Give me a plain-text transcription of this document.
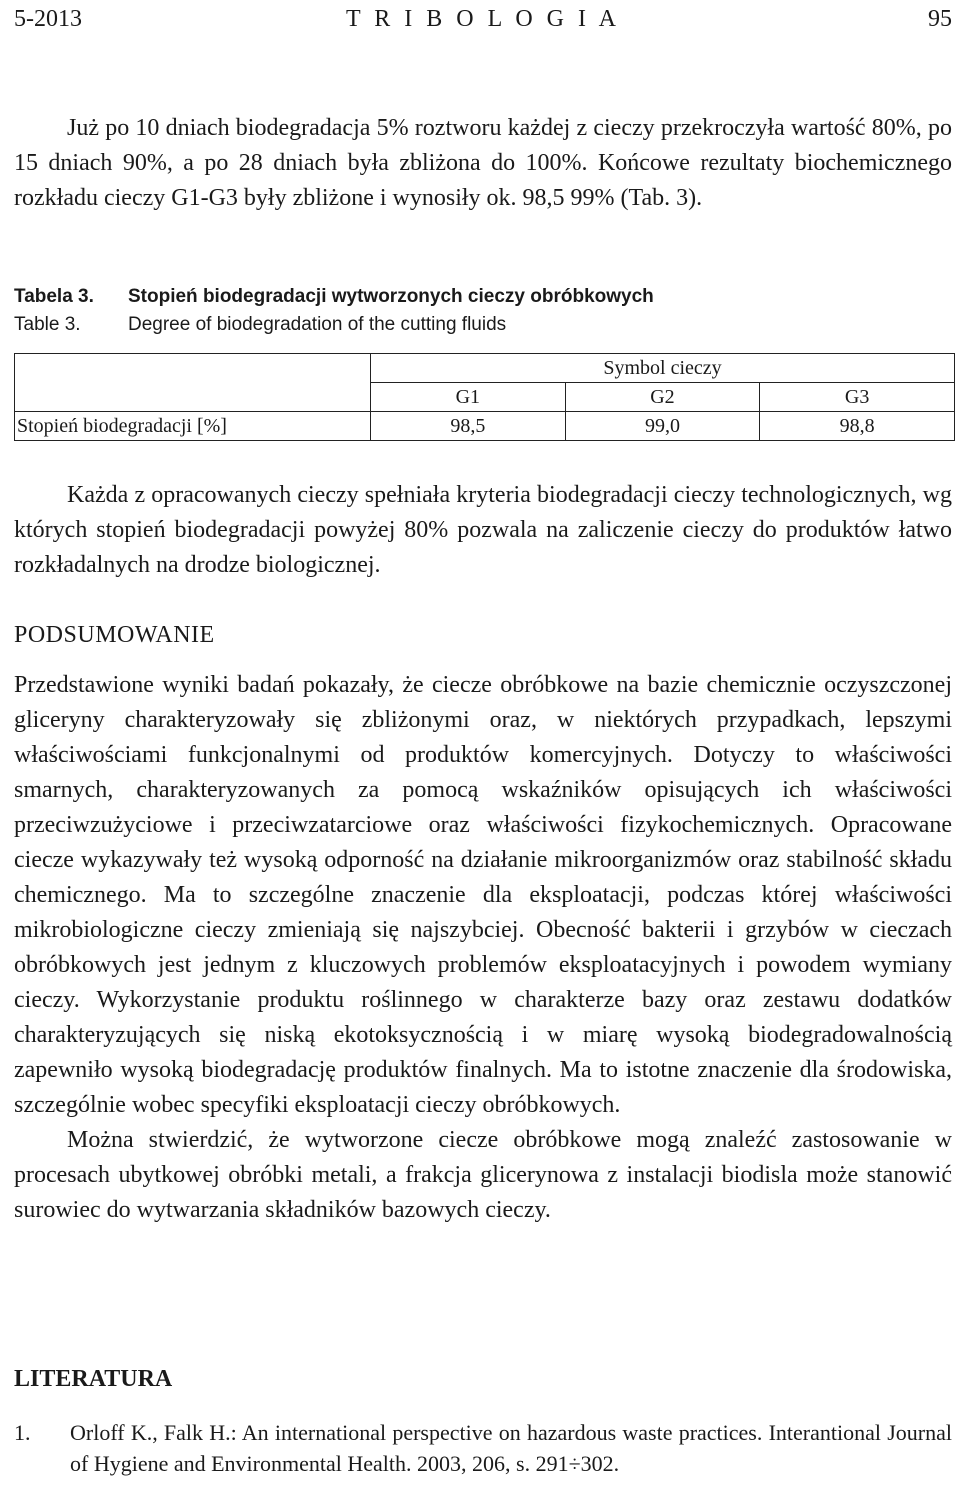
5-2013	T R I B O L O G I A	95

Już po 10 dniach biodegradacja 5% roztworu każdej z cieczy przekroczyła wartość 80%, po 15 dniach 90%, a po 28 dniach była zbliżona do 100%. Końcowe rezultaty biochemicznego rozkładu cieczy G1-G3 były zbliżone i wynosiły ok. 98,5 99% (Tab. 3).

Tabela 3. Stopień biodegradacji wytworzonych cieczy obróbkowych
Table 3. Degree of biodegradation of the cutting fluids
	Symbol cieczy		
	G1	G2	G3
Stopień biodegradacji [%]	98,5	99,0	98,8

Każda z opracowanych cieczy spełniała kryteria biodegradacji cieczy technologicznych, wg których stopień biodegradacji powyżej 80% pozwala na zaliczenie cieczy do produktów łatwo rozkładalnych na drodze biologicznej.

PODSUMOWANIE

Przedstawione wyniki badań pokazały, że ciecze obróbkowe na bazie chemicznie oczyszczonej gliceryny charakteryzowały się zbliżonymi oraz, w niektórych przypadkach, lepszymi właściwościami funkcjonalnymi od produktów komercyjnych. Dotyczy to właściwości smarnych, charakteryzowanych za pomocą wskaźników opisujących ich właściwości przeciwzużyciowe i przeciwzatarciowe oraz właściwości fizykochemicznych. Opracowane ciecze wykazywały też wysoką odporność na działanie mikroorganizmów oraz stabilność składu chemicznego. Ma to szczególne znaczenie dla eksploatacji, podczas której właściwości mikrobiologiczne cieczy zmieniają się najszybciej. Obecność bakterii i grzybów w cieczach obróbkowych jest jednym z kluczowych problemów eksploatacyjnych i powodem wymiany cieczy. Wykorzystanie produktu roślinnego w charakterze bazy oraz zestawu dodatków charakteryzujących się niską ekotoksycznością i w miarę wysoką biodegradowalnością zapewniło wysoką biodegradację produktów finalnych. Ma to istotne znaczenie dla środowiska, szczególnie wobec specyfiki eksploatacji cieczy obróbkowych.

Można stwierdzić, że wytworzone ciecze obróbkowe mogą znaleźć zastosowanie w procesach ubytkowej obróbki metali, a frakcja glicerynowa z instalacji biodisla może stanowić surowiec do wytwarzania składników bazowych cieczy.

LITERATURA
1. Orloff K., Falk H.: An international perspective on hazardous waste practices. Interantional Journal of Hygiene and Environmental Health. 2003, 206, s. 291÷302.
